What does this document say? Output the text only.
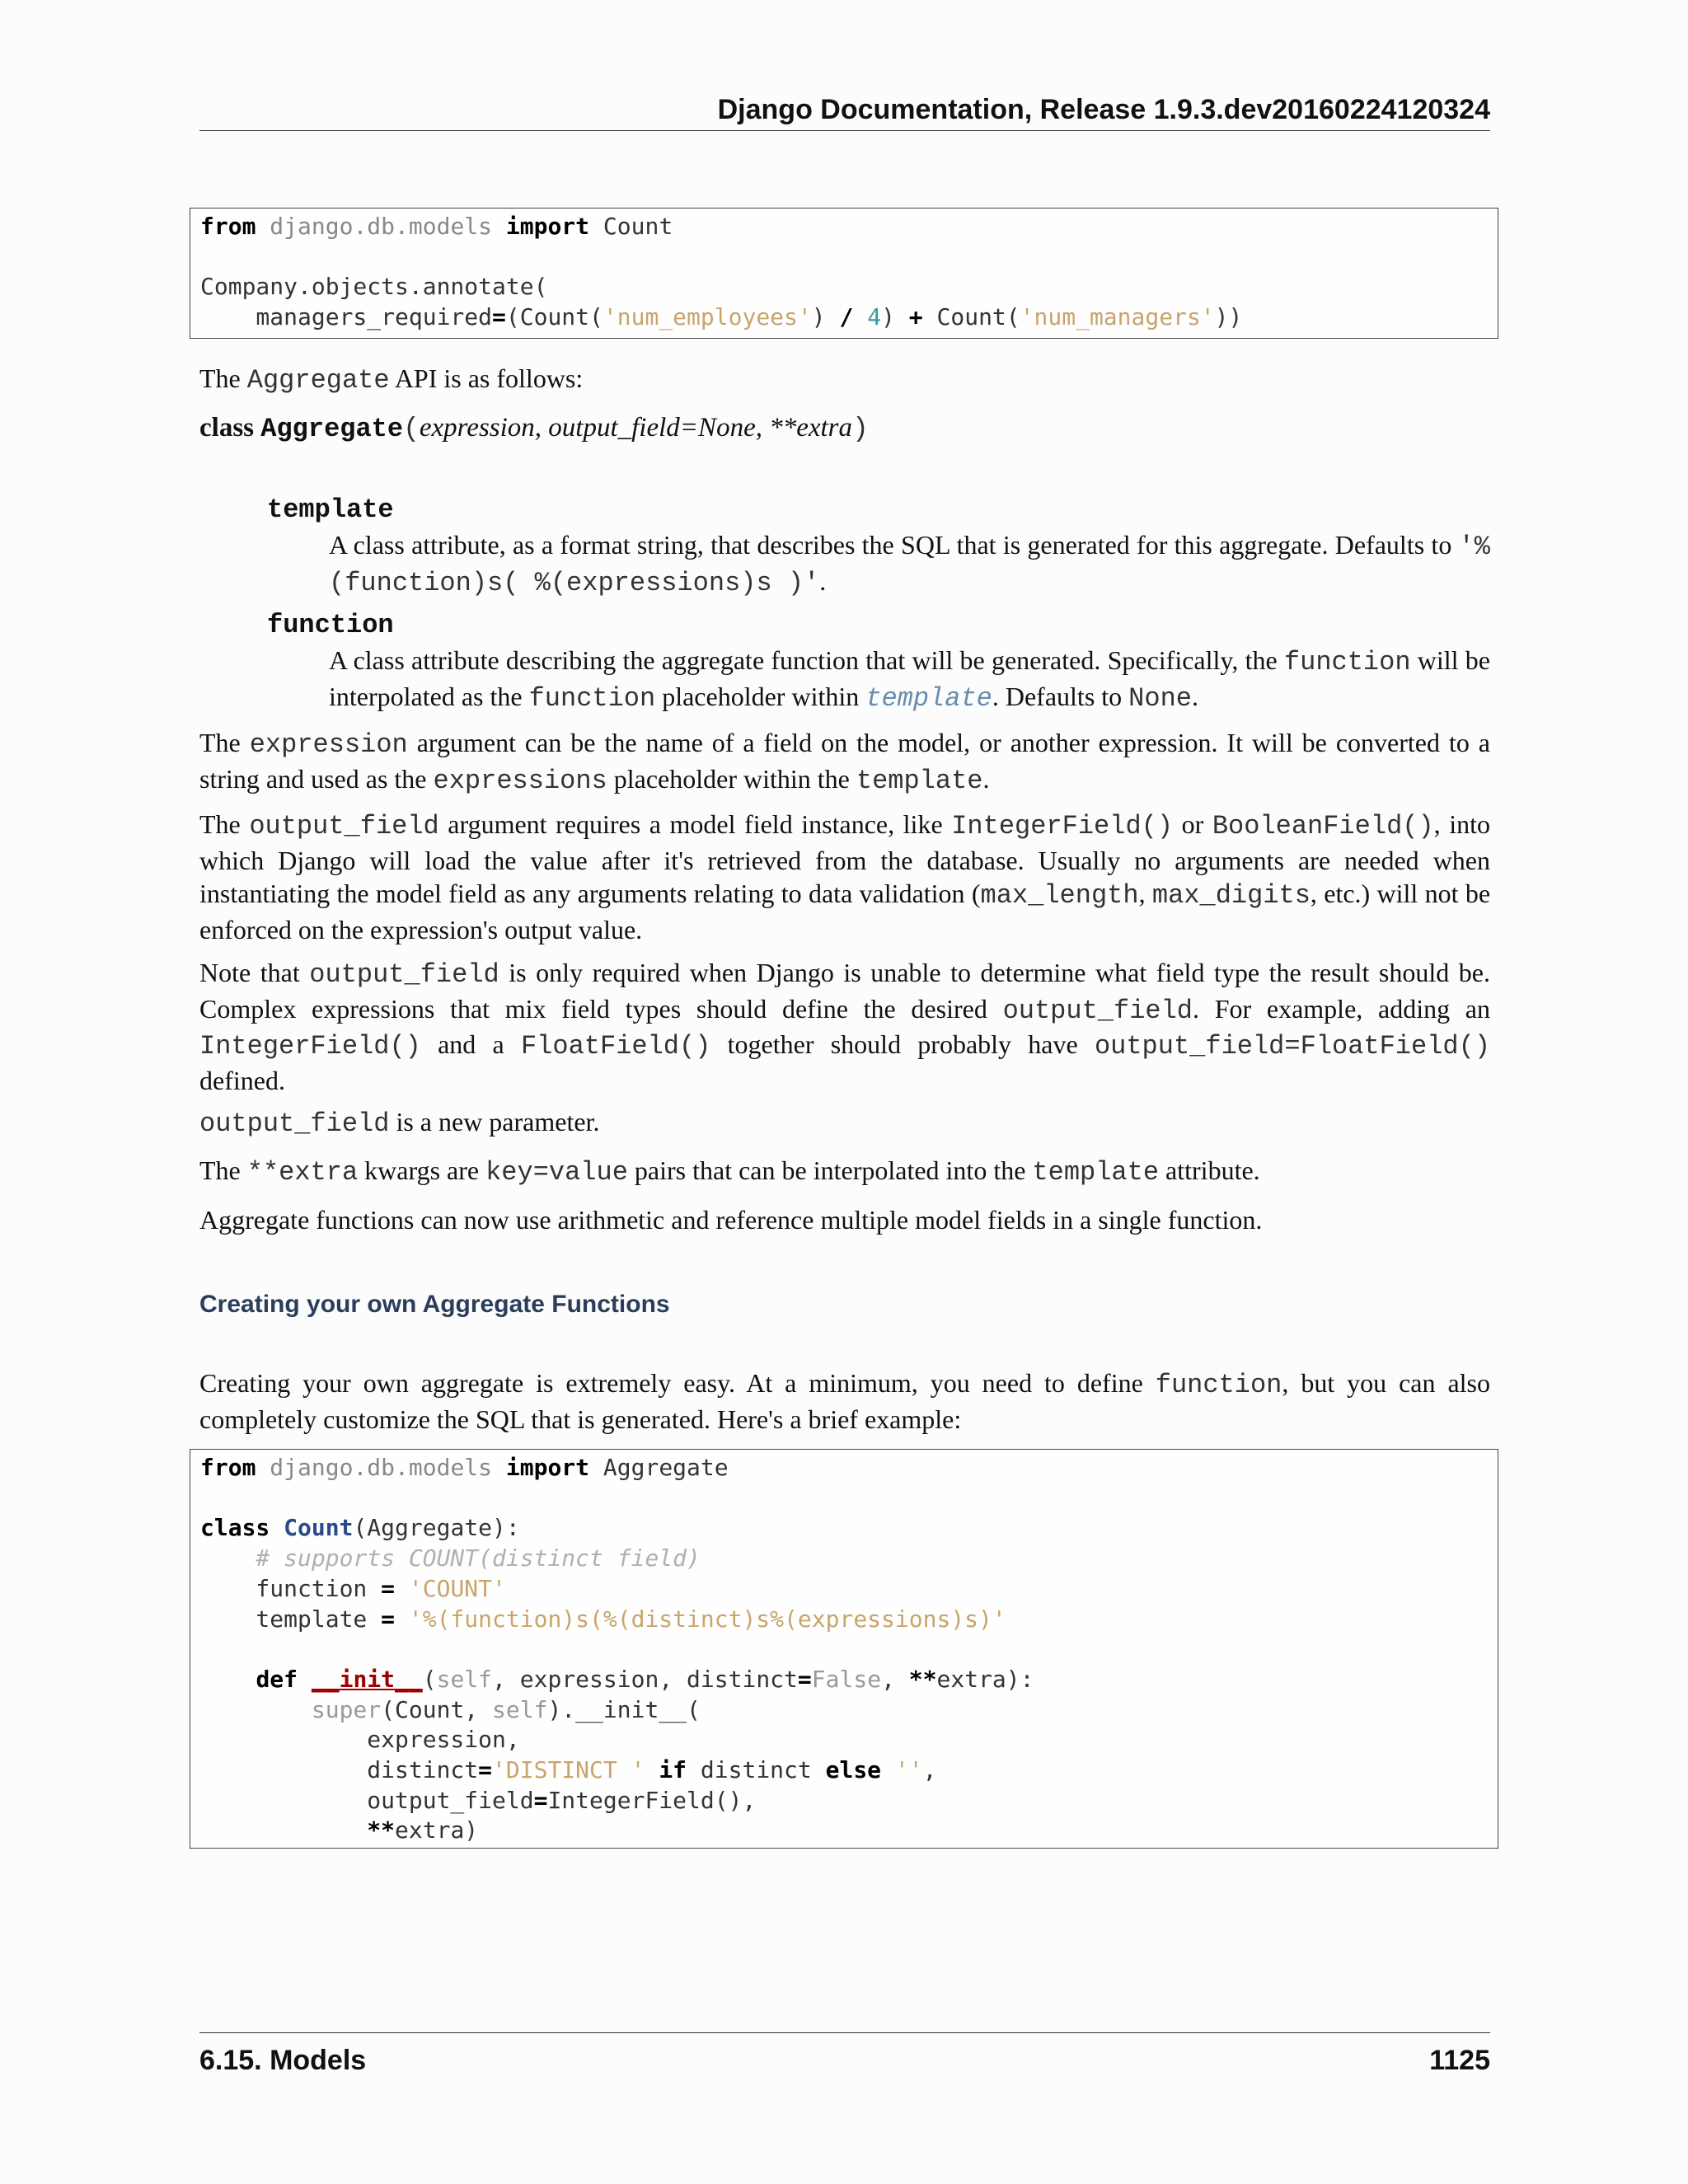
Django Documentation, Release 1.9.3.dev20160224120324
from django.db.models import Count

Company.objects.annotate(
managers_required=(Count('num_employees') / 4) + Count('num_managers'))

The Aggregate API is as follows:

class Aggregate(expression, output_field=None, **extra)

template

A class attribute, as a format string, that describes the SQL that is generated for this aggregate. Defaults to '%(function)s( %(expressions)s )'.

function

A class attribute describing the aggregate function that will be generated. Specifically, the function will be interpolated as the function placeholder within template. Defaults to None.

The expression argument can be the name of a field on the model, or another expression. It will be converted to a string and used as the expressions placeholder within the template.

The output_field argument requires a model field instance, like IntegerField() or BooleanField(), into which Django will load the value after it's retrieved from the database. Usually no arguments are needed when instantiating the model field as any arguments relating to data validation (max_length, max_digits, etc.) will not be enforced on the expression's output value.

Note that output_field is only required when Django is unable to determine what field type the result should be. Complex expressions that mix field types should define the desired output_field. For example, adding an IntegerField() and a FloatField() together should probably have output_field=FloatField() defined.

output_field is a new parameter.

The **extra kwargs are key=value pairs that can be interpolated into the template attribute.

Aggregate functions can now use arithmetic and reference multiple model fields in a single function.

Creating your own Aggregate Functions

Creating your own aggregate is extremely easy. At a minimum, you need to define function, but you can also completely customize the SQL that is generated. Here's a brief example:

from django.db.models import Aggregate

class Count(Aggregate):
# supports COUNT(distinct field)
function = 'COUNT'
template = '%(function)s(%(distinct)s%(expressions)s)'

def __init__(self, expression, distinct=False, **extra):
super(Count, self).__init__(
expression,
distinct='DISTINCT ' if distinct else '',
output_field=IntegerField(),
**extra)
6.15. Models	1125
